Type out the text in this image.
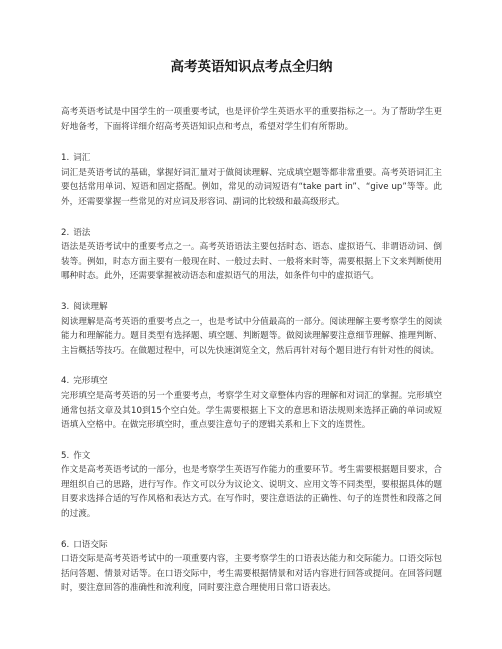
高考英语知识点考点全归纳

高考英语考试是中国学生的一项重要考试，也是评价学生英语水平的重要指标之一。为了帮助学生更好地备考，下面将详细介绍高考英语知识点和考点，希望对学生们有所帮助。

1. 词汇

词汇是英语考试的基础，掌握好词汇量对于做阅读理解、完成填空题等都非常重要。高考英语词汇主要包括常用单词、短语和固定搭配。例如，常见的动词短语有“take part in”、“give up”等等。此外，还需要掌握一些常见的对应词及形容词、副词的比较级和最高级形式。

2. 语法

语法是英语考试中的重要考点之一。高考英语语法主要包括时态、语态、虚拟语气、非谓语动词、倒装等。例如，时态方面主要有一般现在时、一般过去时、一般将来时等，需要根据上下文来判断使用哪种时态。此外，还需要掌握被动语态和虚拟语气的用法，如条件句中的虚拟语气。

3. 阅读理解

阅读理解是高考英语的重要考点之一，也是考试中分值最高的一部分。阅读理解主要考察学生的阅读能力和理解能力。题目类型有选择题、填空题、判断题等。做阅读理解要注意细节理解、推理判断、主旨概括等技巧。在做题过程中，可以先快速浏览全文，然后再针对每个题目进行有针对性的阅读。

4. 完形填空

完形填空是高考英语的另一个重要考点，考察学生对文章整体内容的理解和对词汇的掌握。完形填空通常包括文章及其10到15个空白处。学生需要根据上下文的意思和语法规则来选择正确的单词或短语填入空格中。在做完形填空时，重点要注意句子的逻辑关系和上下文的连贯性。

5. 作文

作文是高考英语考试的一部分，也是考察学生英语写作能力的重要环节。考生需要根据题目要求，合理组织自己的思路，进行写作。作文可以分为议论文、说明文、应用文等不同类型，要根据具体的题目要求选择合适的写作风格和表达方式。在写作时，要注意语法的正确性、句子的连贯性和段落之间的过渡。

6. 口语交际

口语交际是高考英语考试中的一项重要内容，主要考察学生的口语表达能力和交际能力。口语交际包括问答题、情景对话等。在口语交际中，考生需要根据情景和对话内容进行回答或提问。在回答问题时，要注意回答的准确性和流利度，同时要注意合理使用日常口语表达。
